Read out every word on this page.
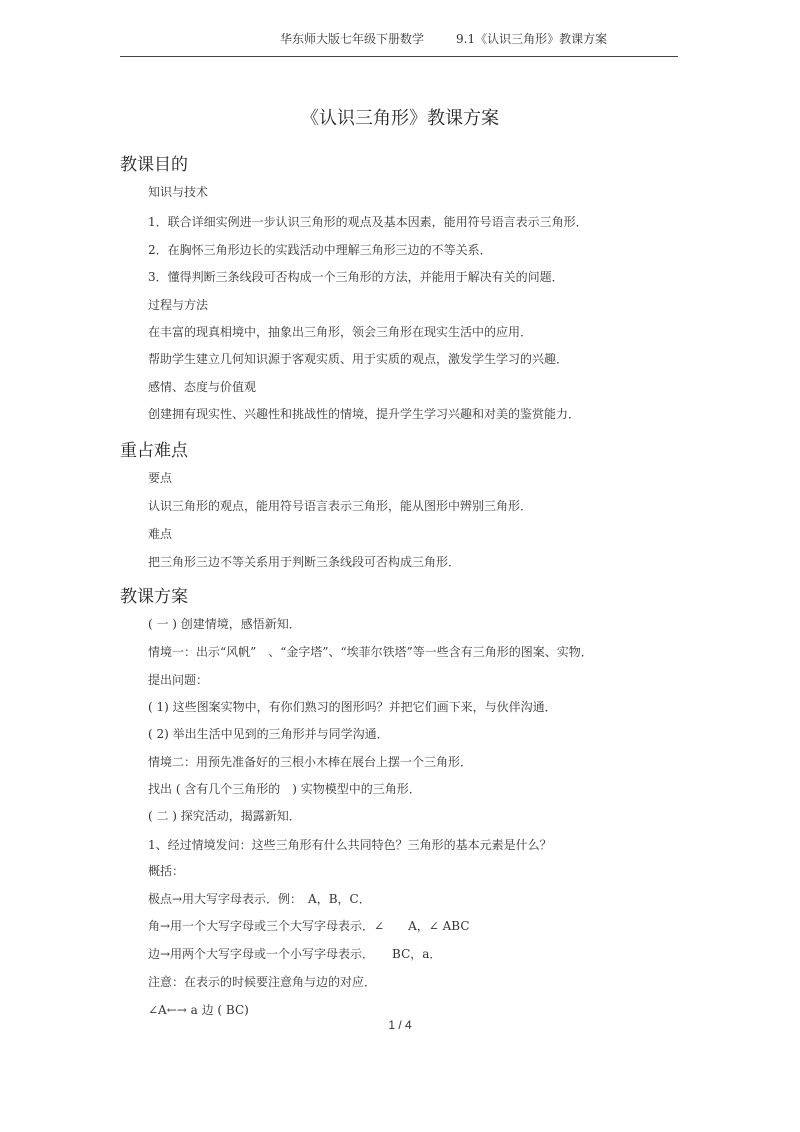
华东师大版七年级下册数学	9.1《认识三角形》教课方案
《认识三角形》教课方案
教课目的
知识与技术
1．联合详细实例进一步认识三角形的观点及基本因素，能用符号语言表示三角形．
2．在胸怀三角形边长的实践活动中理解三角形三边的不等关系．
3．懂得判断三条线段可否构成一个三角形的方法，并能用于解决有关的问题．
过程与方法
在丰富的现真相境中，抽象出三角形，领会三角形在现实生活中的应用．
帮助学生建立几何知识源于客观实质、用于实质的观点，激发学生学习的兴趣．
感情、态度与价值观
创建拥有现实性、兴趣性和挑战性的情境，提升学生学习兴趣和对美的鉴赏能力．
重占难点
要点
认识三角形的观点，能用符号语言表示三角形，能从图形中辨别三角形．
难点
把三角形三边不等关系用于判断三条线段可否构成三角形．
教课方案
( 一 ) 创建情境，感悟新知．
情境一：出示“风帆”　、“金字塔”、“埃菲尔铁塔”等一些含有三角形的图案、实物．
提出问题：
( 1) 这些图案实物中，有你们熟习的图形吗？并把它们画下来，与伙伴沟通．
( 2) 举出生活中见到的三角形并与同学沟通．
情境二：用预先准备好的三根小木棒在展台上摆一个三角形．
找出 ( 含有几个三角形的　) 实物模型中的三角形．
( 二 ) 探究活动，揭露新知．
1、经过情境发问：这些三角形有什么共同特色？三角形的基本元素是什么？
概括：
极点→用大写字母表示．例：　A，B，C．
角→用一个大写字母或三个大写字母表示．∠　　A，∠ ABC
边→用两个大写字母或一个小写字母表示．　　BC，a．
注意：在表示的时候要注意角与边的对应．
∠A←→ a 边 ( BC)
1 / 4
